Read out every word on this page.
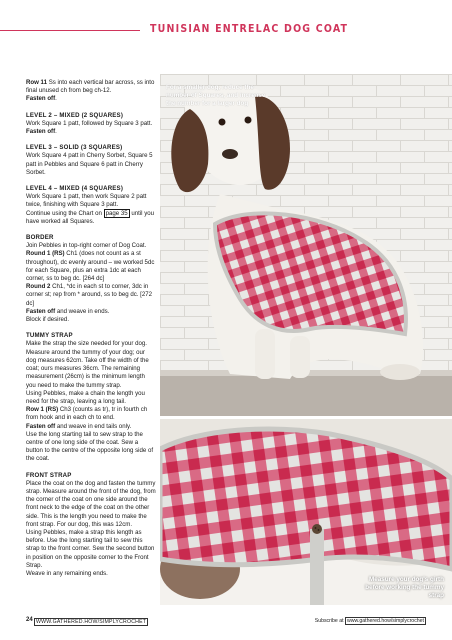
TUNISIAN ENTRELAC DOG COAT

Row 11 Ss into each vertical bar across, ss into final unused ch from beg ch-12.
Fasten off.

LEVEL 2 – MIXED (2 SQUARES)

Work Square 1 patt, followed by Square 3 patt.
Fasten off.

LEVEL 3 – SOLID (3 SQUARES)

Work Square 4 patt in Cherry Sorbet, Square 5 patt in Pebbles and Square 6 patt in Cherry Sorbet.

LEVEL 4 – MIXED (4 SQUARES)

Work Square 1 patt, then work Square 2 patt twice, finishing with Square 3 patt.

Continue using the Chart on page 35 until you have worked all Squares.

BORDER

Join Pebbles in top-right corner of Dog Coat.

Round 1 (RS) Ch1 (does not count as a st throughout), dc evenly around – we worked 5dc for each Square, plus an extra 1dc at each corner, ss to beg dc. [264 dc]

Round 2 Ch1, *dc in each st to corner, 3dc in corner st; rep from * around, ss to beg dc. [272 dc]

Fasten off and weave in ends.

Block if desired.

TUMMY STRAP

Make the strap the size needed for your dog. Measure around the tummy of your dog; our dog measures 62cm. Take off the width of the coat; ours measures 36cm. The remaining measurement (26cm) is the minimum length you need to make the tummy strap.

Using Pebbles, make a chain the length you need for the strap, leaving a long tail.

Row 1 (RS) Ch3 (counts as tr), tr in fourth ch from hook and in each ch to end.

Fasten off and weave in end tails only.

Use the long starting tail to sew strap to the centre of one long side of the coat. Sew a button to the centre of the opposite long side of the coat.

FRONT STRAP

Place the coat on the dog and fasten the tummy strap. Measure around the front of the dog, from the corner of the coat on one side around the front neck to the edge of the coat on the other side. This is the length you need to make the front strap. For our dog, this was 12cm.

Using Pebbles, make a strap this length as before. Use the long starting tail to sew this strap to the front corner. Sew the second button in position on the opposite corner to the Front Strap.

Weave in any remaining ends.

For a smaller dog, reduce the number of Squares, and increase the number for a larger dog
Measure your dog's girth before working the tummy strap
24 WWW.GATHERED.HOW/SIMPLYCROCHET	Subscribe at www.gathered.how/simplycrochet
